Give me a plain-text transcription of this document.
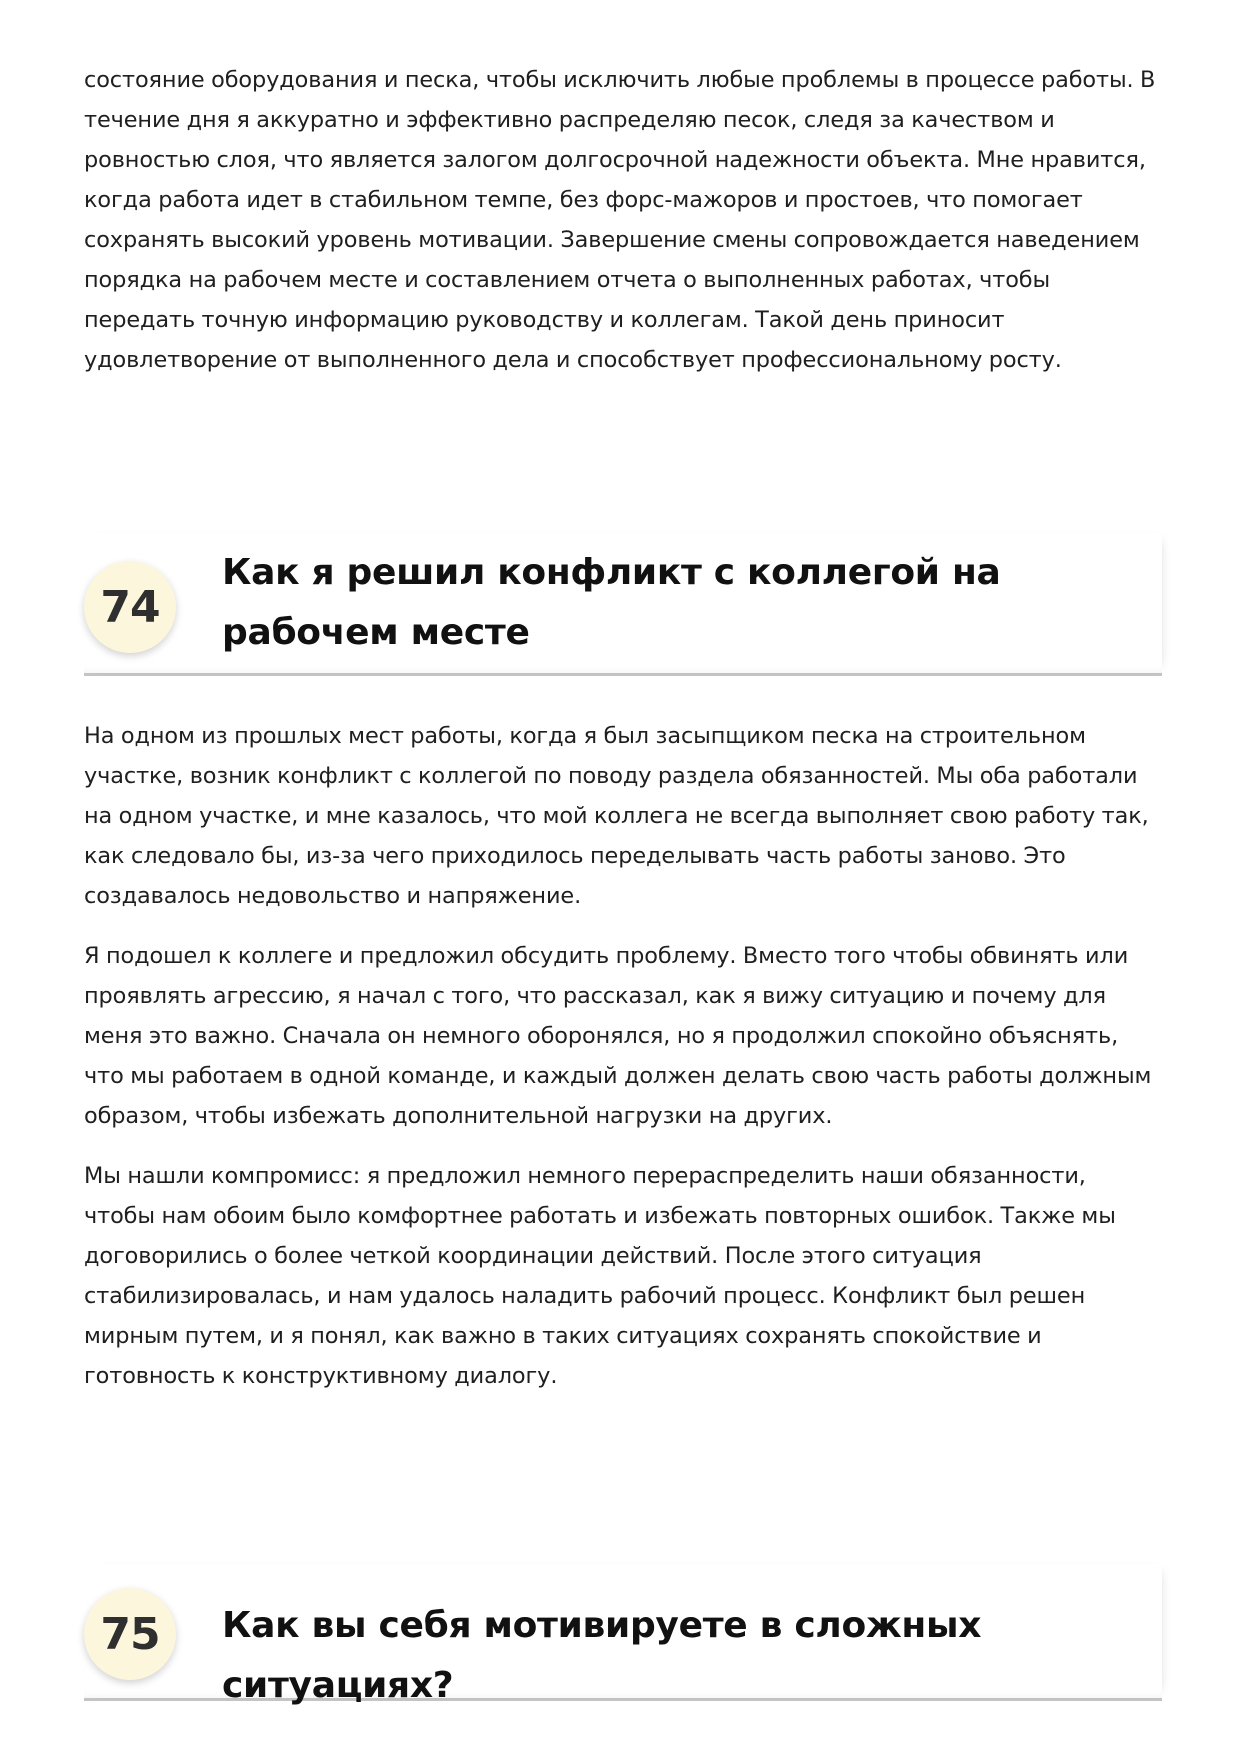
состояние оборудования и песка, чтобы исключить любые проблемы в процессе работы. В течение дня я аккуратно и эффективно распределяю песок, следя за качеством и ровностью слоя, что является залогом долгосрочной надежности объекта. Мне нравится, когда работа идет в стабильном темпе, без форс-мажоров и простоев, что помогает сохранять высокий уровень мотивации. Завершение смены сопровождается наведением порядка на рабочем месте и составлением отчета о выполненных работах, чтобы передать точную информацию руководству и коллегам. Такой день приносит удовлетворение от выполненного дела и способствует профессиональному росту.

74
Как я решил конфликт с коллегой на рабочем месте

На одном из прошлых мест работы, когда я был засыпщиком песка на строительном участке, возник конфликт с коллегой по поводу раздела обязанностей. Мы оба работали на одном участке, и мне казалось, что мой коллега не всегда выполняет свою работу так, как следовало бы, из-за чего приходилось переделывать часть работы заново. Это создавалось недовольство и напряжение.

Я подошел к коллеге и предложил обсудить проблему. Вместо того чтобы обвинять или проявлять агрессию, я начал с того, что рассказал, как я вижу ситуацию и почему для меня это важно. Сначала он немного оборонялся, но я продолжил спокойно объяснять, что мы работаем в одной команде, и каждый должен делать свою часть работы должным образом, чтобы избежать дополнительной нагрузки на других.

Мы нашли компромисс: я предложил немного перераспределить наши обязанности, чтобы нам обоим было комфортнее работать и избежать повторных ошибок. Также мы договорились о более четкой координации действий. После этого ситуация стабилизировалась, и нам удалось наладить рабочий процесс. Конфликт был решен мирным путем, и я понял, как важно в таких ситуациях сохранять спокойствие и готовность к конструктивному диалогу.

75	Как вы себя мотивируете в сложных ситуациях?
